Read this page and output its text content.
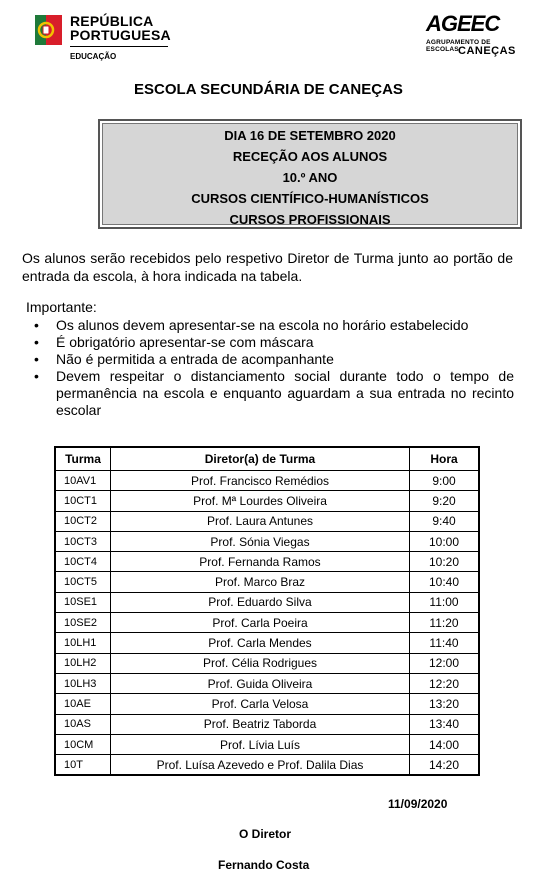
REPÚBLICA
PORTUGUESA
EDUCAÇÃO
AGEEC
AGRUPAMENTO DE ESCOLAS CANEÇAS
ESCOLA SECUNDÁRIA DE CANEÇAS
DIA 16 DE SETEMBRO 2020
RECEÇÃO AOS ALUNOS
10.º ANO
CURSOS CIENTÍFICO-HUMANÍSTICOS
CURSOS PROFISSIONAIS
Os alunos serão recebidos pelo respetivo Diretor de Turma junto ao portão de entrada da escola, à hora indicada na tabela.
Importante:
• Os alunos devem apresentar-se na escola no horário estabelecido
• É obrigatório apresentar-se com máscara
• Não é permitida a entrada de acompanhante
• Devem respeitar o distanciamento social durante todo o tempo de permanência na escola e enquanto aguardam a sua entrada no recinto escolar
Turma	Diretor(a) de Turma	Hora
10AV1	Prof. Francisco Remédios	9:00
10CT1	Prof. Mª Lourdes Oliveira	9:20
10CT2	Prof. Laura Antunes	9:40
10CT3	Prof. Sónia Viegas	10:00
10CT4	Prof. Fernanda Ramos	10:20
10CT5	Prof. Marco Braz	10:40
10SE1	Prof. Eduardo Silva	11:00
10SE2	Prof. Carla Poeira	11:20
10LH1	Prof. Carla Mendes	11:40
10LH2	Prof. Célia Rodrigues	12:00
10LH3	Prof. Guida Oliveira	12:20
10AE	Prof. Carla Velosa	13:20
10AS	Prof. Beatriz Taborda	13:40
10CM	Prof. Lívia Luís	14:00
10T	Prof. Luísa Azevedo e Prof. Dalila Dias	14:20
11/09/2020
O Diretor
Fernando Costa
